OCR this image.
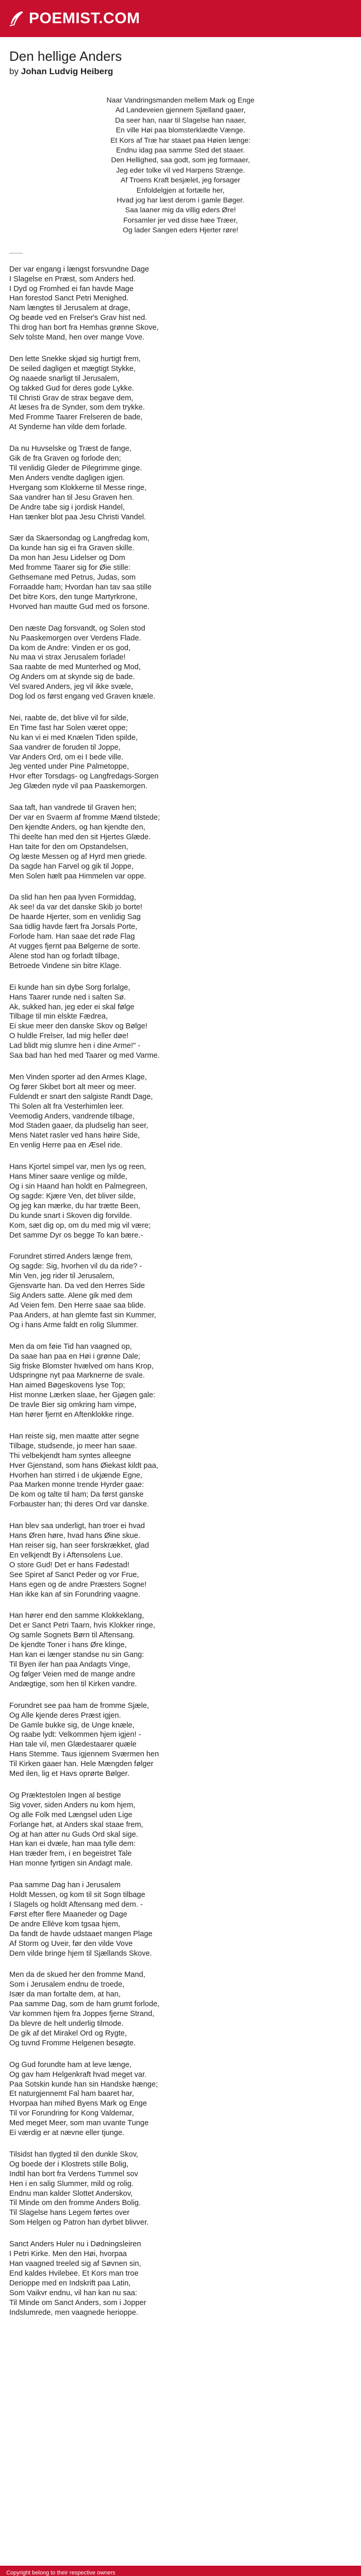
POEMIST.COM
Den hellige Anders

by Johan Ludvig Heiberg

Naar Vandringsmanden mellem Mark og Enge
Ad Landeveien gjennem Sjælland gaaer,
Da seer han, naar til Slagelse han naaer,
En ville Høi paa blomsterklædte Vænge.
Et Kors af Træ har staaet paa Høien længe:
Endnu idag paa samme Sted det staaer.
Den Hellighed, saa godt, som jeg formaaer,
Jeg eder tolke vil ved Harpens Strænge.
Af Troens Kraft besjælet, jeg forsager
Enfoldelgjen at fortælle her,
Hvad jog har læst derom i gamle Bøger.
Saa laaner mig da villig eders Øre!
Forsamler jer ved disse hæe Træer,
Og lader Sangen eders Hjerter røre!
Der var engang i længst forsvundne Dage
I Slagelse en Præst, som Anders hed.
I Dyd og Fromhed ei fan havde Mage
Han forestod Sanct Petri Menighed.
Nam længtes til Jerusalem at drage,
Og beøde ved en Frelser's Grav hist ned.
Thi drog han bort fra Hemhas grønne Skove,
Selv tolste Mand, hen over mange Vove.
Den lette Snekke skjød sig hurtigt frem,
De seiled dagligen et mægtigt Stykke,
Og naaede snarligt til Jerusalem,
Og takked Gud for deres gode Lykke.
Til Christi Grav de strax begave dem,
At læses fra de Synder, som dem trykke.
Med Fromme Taarer Frelseren de bade,
At Synderne han vilde dem forlade.
Da nu Huvselske og Træst de fange,
Gik de fra Graven og forlode den;
Til venlidig Gleder de Pilegrimme ginge.
Men Anders vendte dagligen igjen.
Hvergang som Klokkerne til Messe ringe,
Saa vandrer han til Jesu Graven hen.
De Andre tabe sig i jordisk Handel,
Han tænker blot paa Jesu Christi Vandel.
Sær da Skaersondag og Langfredag kom,
Da kunde han sig ei fra Graven skille.
Da mon han Jesu Lidelser og Dom
Med fromme Taarer sig for Øie stille:
Gethsemane med Petrus, Judas, som
Forraadde ham; Hvordan han tav saa stille
Det bitre Kors, den tunge Martyrkrone,
Hvorved han mautte Gud med os forsone.
Den næste Dag forsvandt, og Solen stod
Nu Paaskemorgen over Verdens Flade.
Da kom de Andre: Vinden er os god,
Nu maa vi strax Jerusalem forlade!
Saa raabte de med Munterhed og Mod,
Og Anders om at skynde sig de bade.
Vel svared Anders, jeg vil ikke svæle,
Dog lod os først engang ved Graven knæle.
Nei, raabte de, det blive vil for silde,
En Time fast har Solen været oppe;
Nu kan vi ei med Knælen Tiden spilde,
Saa vandrer de foruden til Joppe,
Var Anders Ord, om ei I bede ville.
Jeg vented under Pine Palmetoppe,
Hvor efter Torsdags- og Langfredags-Sorgen
Jeg Glæden nyde vil paa Paaskemorgen.
Saa taft, han vandrede til Graven hen;
Der var en Svaerm af fromme Mænd tilstede;
Den kjendte Anders, og han kjendte den,
Thi deelte han med den sit Hjertes Glæde.
Han taite for den om Opstandelsen,
Og læste Messen og af Hyrd men griede.
Da sagde han Farvel og gik til Joppe,
Men Solen hælt paa Himmelen var oppe.
Da slid han hen paa lyven Formiddag,
Ak see! da var det danske Skib jo borte!
De haarde Hjerter, som en venlidig Sag
Saa tidlig havde fært fra Jorsals Porte,
Forlode ham. Han saae det røde Flag
At vugges fjernt paa Bølgerne de sorte.
Alene stod han og forladt tilbage,
Betroede Vindene sin bitre Klage.
Ei kunde han sin dybe Sorg forlalge,
Hans Taarer runde ned i salten Sø.
Ak, sukked han, jeg eder ei skal følge
Tilbage til min elskte Fædrea,
Ei skue meer den danske Skov og Bølge!
O huldle Frelser, lad mig heller døe!
Lad blidt mig slumre hen i dine Arme!" -
Saa bad han hed med Taarer og med Varme.
Men Vinden sporter ad den Armes Klage,
Og fører Skibet bort alt meer og meer.
Fuldendt er snart den salgiste Randt Dage,
Thi Solen alt fra Vesterhimlen leer.
Veemodig Anders, vandrende tilbage,
Mod Staden gaaer, da pludselig han seer,
Mens Natet rasler ved hans høire Side,
En venlig Herre paa en Æsel ride.
Hans Kjortel simpel var, men lys og reen,
Hans Miner saare venlige og milde,
Og i sin Haand han holdt en Palmegreen,
Og sagde: Kjære Ven, det bliver silde,
Og jeg kan mærke, du har trætte Been,
Du kunde snart i Skoven dig forvilde.
Kom, sæt dig op, om du med mig vil være;
Det samme Dyr os begge To kan bære.-
Forundret stirred Anders længe frem,
Og sagde: Sig, hvorhen vil du da ride? -
Min Ven, jeg rider til Jerusalem,
Gjensvarte han. Da ved den Herres Side
Sig Anders satte. Alene gik med dem
Ad Veien fem. Den Herre saae saa blide.
Paa Anders, at han glemte fast sin Kummer,
Og i hans Arme faldt en rolig Slummer.
Men da om føie Tid han vaagned op,
Da saae han paa en Høi i grønne Dale;
Sig friske Blomster hvælved om hans Krop,
Udspringne nyt paa Marknerne de svale.
Han aimed Bøgeskovens lyse Top;
Hist monne Lærken slaae, her Gjøgen gale:
De travle Bier sig omkring ham vimpe,
Han hører fjernt en Aftenklokke ringe.
Han reiste sig, men maatte atter segne
Tilbage, studsende, jo meer han saae.
Thi velbekjendt ham syntes alleegne
Hver Gjenstand, som hans Øiekast kildt paa,
Hvorhen han stirred i de ukjænde Egne,
Paa Marken monne trende Hyrder gaae:
De kom og talte til ham; Da først ganske
Forbauster han; thi deres Ord var danske.
Han blev saa underligt, han troer ei hvad
Hans Øren høre, hvad hans Øine skue.
Han reiser sig, han seer forskrækket, glad
En velkjendt By i Aftensolens Lue.
O store Gud! Det er hans Fødestad!
See Spiret af Sanct Peder og vor Frue,
Hans egen og de andre Præsters Sogne!
Han ikke kan af sin Forundring vaagne.
Han hører end den samme Klokkeklang,
Det er Sanct Petri Taarn, hvis Klokker ringe,
Og samle Sognets Børn til Aftensang.
De kjendte Toner i hans Øre klinge,
Han kan ei længer standse nu sin Gang:
Til Byen iler han paa Andagts Vinge,
Og følger Veien med de mange andre
Andægtige, som hen til Kirken vandre.
Forundret see paa ham de fromme Sjæle,
Og Alle kjende deres Præst igjen.
De Gamle bukke sig, de Unge knæle,
Og raabe lydt: Velkommen hjem igjen! -
Han tale vil, men Glædestaarer quæle
Hans Stemme. Taus igjennem Sværmen hen
Til Kirken gaaer han. Hele Mængden følger
Med ilen, lig et Havs oprørte Bølger.
Og Præktestolen Ingen al bestige
Sig vover, siden Anders nu kom hjem,
Og alle Folk med Længsel uden Lige
Forlange høt, at Anders skal staae frem,
Og at han atter nu Guds Ord skal sige.
Han kan ei dvæle, han maa tylle dem:
Han træder frem, i en begeistret Tale
Han monne fyrtigen sin Andagt male.
Paa samme Dag han i Jerusalem
Holdt Messen, og kom til sit Sogn tilbage
I Slagels og holdt Aftensang med dem. -
Først efter flere Maaneder og Dage
De andre Ellève kom tgsaa hjem,
Da fandt de havde udstaaet mangen Plage
Af Storm og Uveir, før den vilde Vove
Dem vilde bringe hjem til Sjællands Skove.
Men da de skued her den fromme Mand,
Som i Jerusalem endnu de troede,
Især da man fortalte dem, at han,
Paa samme Dag, som de ham grumt forlode,
Var kommen hjem fra Joppes fjerne Strand,
Da blevre de helt underlig tilmode.
De gik af det Mirakel Ord og Rygte,
Og tuvnd Fromme Helgenen besøgte.
Og Gud forundte ham at leve længe,
Og gav ham Helgenkraft hvad meget var.
Paa Sotskin kunde han sin Handske hænge;
Et naturgjennemt Fal ham baaret har,
Hvorpaa han mihed Byens Mark og Enge
Til vor Forundring for Kong Valdemar,
Med meget Meer, som man uvante Tunge
Ei værdig er at nævne eller tjunge.
Tilsidst han tlygted til den dunkle Skov,
Og boede der i Klostrets stille Bolig,
Indtil han bort fra Verdens Tummel sov
Hen i en salig Slummer, mild og rolig.
Endnu man kalder Slottet Anderskov,
Til Minde om den fromme Anders Bolig.
Til Slagelse hans Legem førtes over
Som Helgen og Patron han dyrbet blivver.
Sanct Anders Huler nu i Dødningsleiren
I Petri Kirke. Men den Høi, hvorpaa
Han vaagned treeled sig af Søvnen sin,
End kaldes Hvilebee. Et Kors man troe
Derioppe med en Indskrift paa Latin,
Som Vaikvr endnu, vil han kan nu saa:
Til Minde om Sanct Anders, som i Jopper
Indslumrede, men vaagnede herioppe.
Copyright belong to their respective owners
